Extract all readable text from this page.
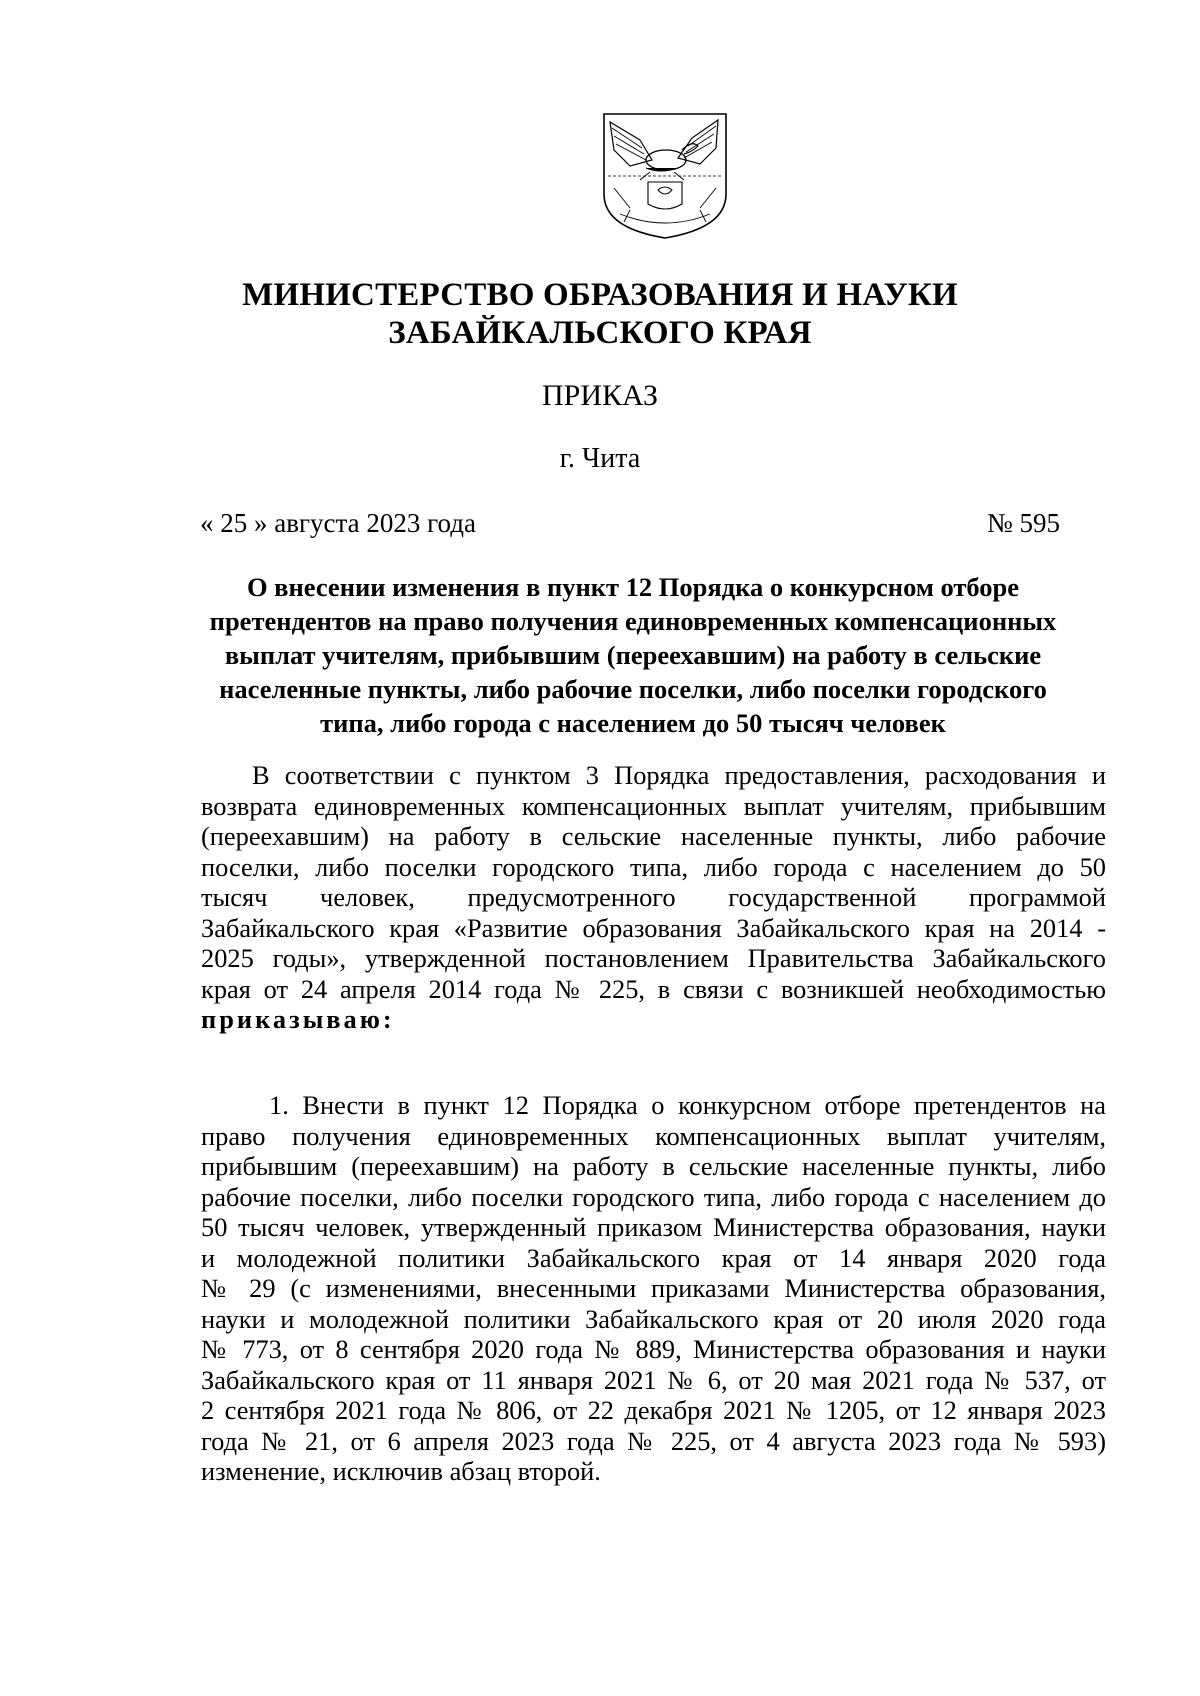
МИНИСТЕРСТВО ОБРАЗОВАНИЯ И НАУКИ
ЗАБАЙКАЛЬСКОГО КРАЯ
ПРИКАЗ
г. Чита
« 25 » августа 2023 года	№ 595
О внесении изменения в пункт 12 Порядка о конкурсном отборе
претендентов на право получения единовременных компенсационных
выплат учителям, прибывшим (переехавшим) на работу в сельские
населенные пункты, либо рабочие поселки, либо поселки городского
типа, либо города с населением до 50 тысяч человек
В соответствии с пунктом 3 Порядка предоставления, расходования и
возврата единовременных компенсационных выплат учителям, прибывшим
(переехавшим) на работу в сельские населенные пункты, либо рабочие
поселки, либо поселки городского типа, либо города с населением до 50
тысяч человек, предусмотренного государственной программой
Забайкальского края «Развитие образования Забайкальского края на 2014 -
2025 годы», утвержденной постановлением Правительства Забайкальского
края от 24 апреля 2014 года № 225, в связи с возникшей необходимостью
приказываю:
1. Внести в пункт 12 Порядка о конкурсном отборе претендентов на
право получения единовременных компенсационных выплат учителям,
прибывшим (переехавшим) на работу в сельские населенные пункты, либо
рабочие поселки, либо поселки городского типа, либо города с населением до
50 тысяч человек, утвержденный приказом Министерства образования, науки
и молодежной политики Забайкальского края от 14 января 2020 года
№ 29 (с изменениями, внесенными приказами Министерства образования,
науки и молодежной политики Забайкальского края от 20 июля 2020 года
№ 773, от 8 сентября 2020 года № 889, Министерства образования и науки
Забайкальского края от 11 января 2021 № 6, от 20 мая 2021 года № 537, от
2 сентября 2021 года № 806, от 22 декабря 2021 № 1205, от 12 января 2023
года № 21, от 6 апреля 2023 года № 225, от 4 августа 2023 года № 593)
изменение, исключив абзац второй.
